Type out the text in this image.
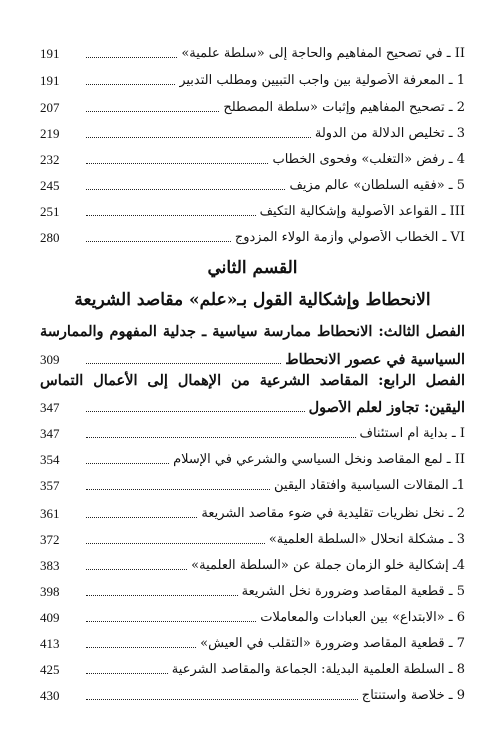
191	II ـ في تصحيح المفاهيم والحاجة إلى «سلطة علمية»
191	1 ـ المعرفة الأصولية بين واجب التبيين ومطلب التدبير
207	2 ـ تصحيح المفاهيم وإثبات «سلطة المصطلح
219	3 ـ تخليص الدلالة من الدولة
232	4 ـ رفض «التغلب» وفحوى الخطاب
245	5 ـ «فقيه السلطان» عالم مزيف
251	III ـ القواعد الأصولية وإشكالية التكيف
280	VI ـ الخطاب الأصولي وأزمة الولاء المزدوج
القسم الثاني
الانحطاط وإشكالية القول بـ«علم» مقاصد الشريعة
الفصل الثالث: الانحطاط ممارسة سياسية ـ جدلية المفهوم والممارسة
309	السياسية في عصور الانحطاط
الفصل الرابع: المقاصد الشرعية من الإهمال إلى الأعمال التماس
347	اليقين: تجاوز لعلم الأصول
347	I ـ بداية أم استئناف
354	II ـ لمع المقاصد ونخل السياسي والشرعي في الإسلام
357	1ـ المقالات السياسية وافتقاد اليقين
361	2 ـ نخل نظريات تقليدية في ضوء مقاصد الشريعة
372	3 ـ مشكلة انحلال «السلطة العلمية»
383	4ـ إشكالية خلو الزمان جملة عن «السلطة العلمية»
398	5 ـ قطعية المقاصد وضرورة نخل الشريعة
409	6 ـ «الابتداع» بين العبادات والمعاملات
413	7 ـ قطعية المقاصد وضرورة «التقلب في العيش»
425	8 ـ السلطة العلمية البديلة: الجماعة والمقاصد الشرعية
430	9 ـ خلاصة واستنتاج
